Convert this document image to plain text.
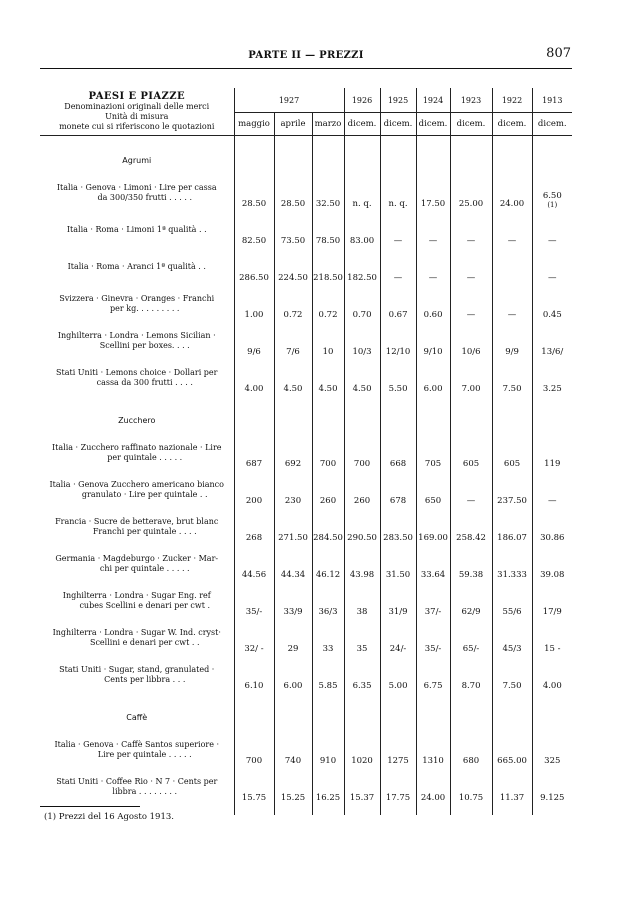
PARTE II — PREZZI	807
PAESI E PIAZZE
Denominazioni originali delle merci
Unità di misura
monete cui si riferiscono le quotazioni	1927			1926	1925	1924	1923	1922	1913
	maggio	aprile	marzo	dicem.	dicem.	dicem.	dicem.	dicem.	dicem.

Agrumi									
Italia · Genova · Limoni · Lire per cassa
da 300/350 frutti . . . . .	28.50	28.50	32.50	n. q.	n. q.	17.50	25.00	24.00	6.50
(1)

Italia · Roma · Limoni 1ª qualità . .	82.50	73.50	78.50	83.00	—	—	—	—	—
Italia · Roma · Aranci 1ª qualità . .	286.50	224.50	218.50	182.50	—	—	—		—
Svizzera · Ginevra · Oranges · Franchi
per kg. . . . . . . . .	1.00	0.72	0.72	0.70	0.67	0.60	—	—	0.45
Inghilterra · Londra · Lemons Sicilian ·
Scellini per boxes. . . .	9/6	7/6	10	10/3	12/10	9/10	10/6	9/9	13/6/
Stati Uniti · Lemons choice · Dollari per
cassa da 300 frutti . . . .	4.00	4.50	4.50	4.50	5.50	6.00	7.00	7.50	3.25

Zucchero									
Italia · Zucchero raffinato nazionale · Lire
per quintale . . . . .	687	692	700	700	668	705	605	605	119
Italia · Genova Zucchero americano bianco
granulato · Lire per quintale . .	200	230	260	260	678	650	—	237.50	—
Francia · Sucre de betterave, brut blanc
Franchi per quintale . . . .	268	271.50	284.50	290.50	283.50	169.00	258.42	186.07	30.86
Germania · Magdeburgo · Zucker · Mar-
chi per quintale . . . . .	44.56	44.34	46.12	43.98	31.50	33.64	59.38	31.333	39.08
Inghilterra · Londra · Sugar Eng. ref
cubes Scellini e denari per cwt .	35/-	33/9	36/3	38	31/9	37/-	62/9	55/6	17/9
Inghilterra · Londra · Sugar W. Ind. cryst·
Scellini e denari per cwt . .	32/ -	29	33	35	24/-	35/-	65/-	45/3	15 -
Stati Uniti · Sugar, stand, granulated ·
Cents per libbra . . .	6.10	6.00	5.85	6.35	5.00	6.75	8.70	7.50	4.00

Caffè									
Italia · Genova · Caffè Santos superiore ·
Lire per quintale . . . . .	700	740	910	1020	1275	1310	680	665.00	325
Stati Uniti · Coffee Rio · N 7 · Cents per
libbra . . . . . . . .	15.75	15.25	16.25	15.37	17.75	24.00	10.75	11.37	9.125

(1) Prezzi del 16 Agosto 1913.
